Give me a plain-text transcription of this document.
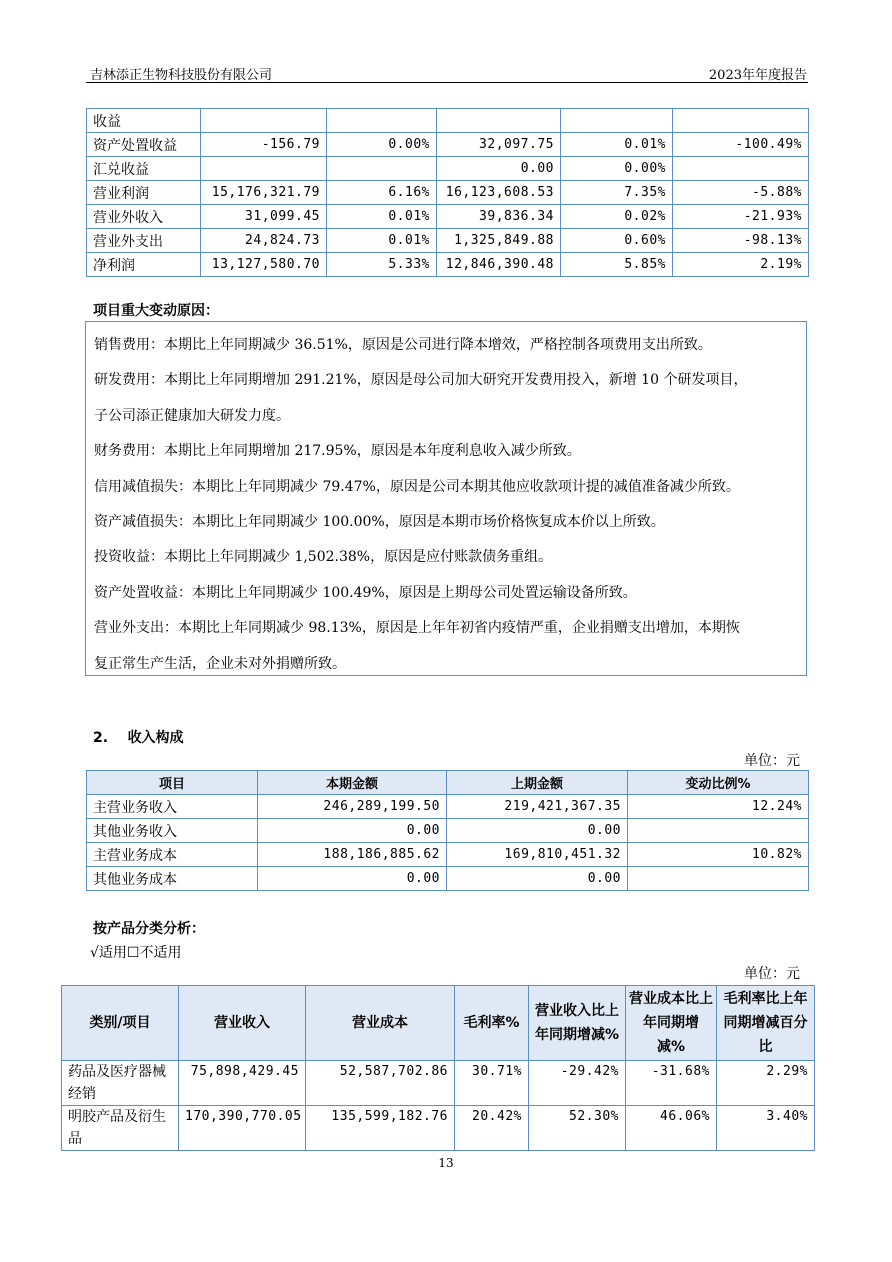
吉林添正生物科技股份有限公司	2023年年度报告
收益					
资产处置收益	-156.79	0.00%	32,097.75	0.01%	-100.49%
汇兑收益			0.00	0.00%	
营业利润	15,176,321.79	6.16%	16,123,608.53	7.35%	-5.88%
营业外收入	31,099.45	0.01%	39,836.34	0.02%	-21.93%
营业外支出	24,824.73	0.01%	1,325,849.88	0.60%	-98.13%
净利润	13,127,580.70	5.33%	12,846,390.48	5.85%	2.19%
项目重大变动原因：

销售费用：本期比上年同期减少 36.51%，原因是公司进行降本增效，严格控制各项费用支出所致。

研发费用：本期比上年同期增加 291.21%，原因是母公司加大研究开发费用投入，新增 10 个研发项目，

子公司添正健康加大研发力度。

财务费用：本期比上年同期增加 217.95%，原因是本年度利息收入减少所致。

信用减值损失：本期比上年同期减少 79.47%，原因是公司本期其他应收款项计提的减值准备减少所致。

资产减值损失：本期比上年同期减少 100.00%，原因是本期市场价格恢复成本价以上所致。

投资收益：本期比上年同期减少 1,502.38%，原因是应付账款债务重组。

资产处置收益：本期比上年同期减少 100.49%，原因是上期母公司处置运输设备所致。

营业外支出：本期比上年同期减少 98.13%，原因是上年年初省内疫情严重，企业捐赠支出增加，本期恢

复正常生产生活，企业未对外捐赠所致。

2. 收入构成
单位：元
项目	本期金额	上期金额	变动比例%
主营业务收入	246,289,199.50	219,421,367.35	12.24%
其他业务收入	0.00	0.00	
主营业务成本	188,186,885.62	169,810,451.32	10.82%
其他业务成本	0.00	0.00	
按产品分类分析：
√适用☐不适用
单位：元
类别/项目	营业收入	营业成本	毛利率%	营业收入比上年同期增减%	营业成本比上年同期增减%	毛利率比上年同期增减百分比
药品及医疗器械经销	75,898,429.45	52,587,702.86	30.71%	-29.42%	-31.68%	2.29%
明胶产品及衍生品	170,390,770.05	135,599,182.76	20.42%	52.30%	46.06%	3.40%
13
